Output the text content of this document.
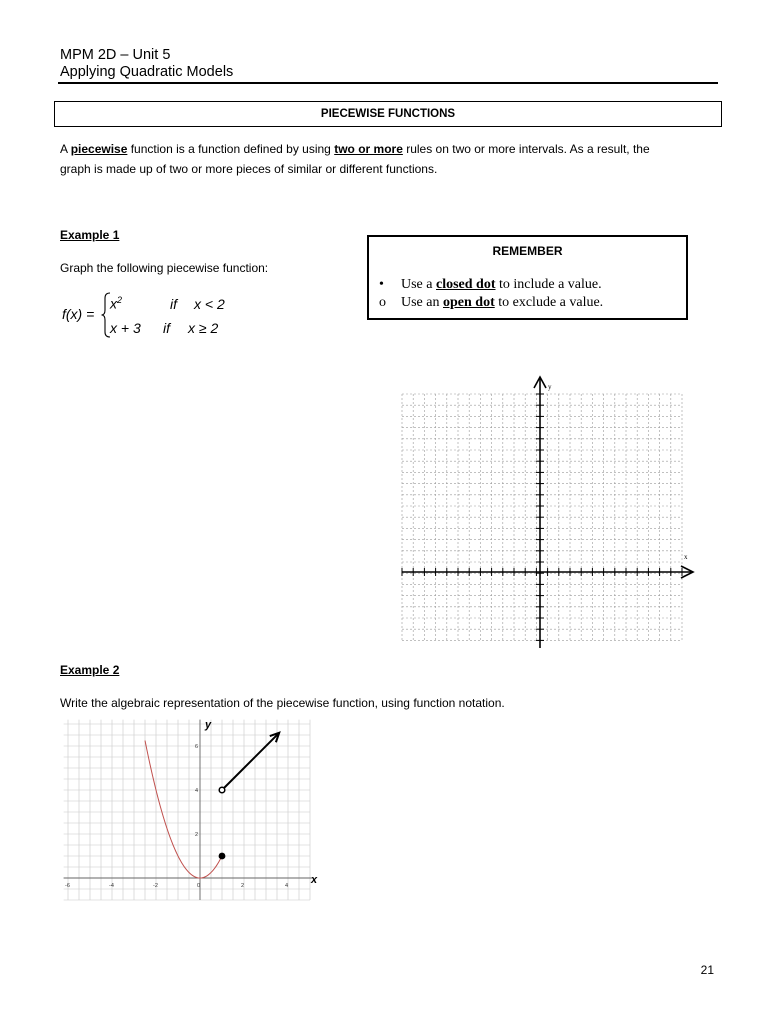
MPM 2D – Unit 5
Applying Quadratic Models
PIECEWISE FUNCTIONS
A piecewise function is a function defined by using two or more rules on two or more intervals. As a result, the
graph is made up of two or more pieces of similar or different functions.
Example 1
Graph the following piecewise function:
f(x) =
$x^2$	if x < 2
x + 3 if x ≥ 2
REMEMBER
• Use a closed dot to include a value.
o Use an open dot to exclude a value.
y
x
Example 2
Write the algebraic representation of the piecewise function, using function notation.
-6	-4	-2	0	2	4
6
4
2
y
x
21
